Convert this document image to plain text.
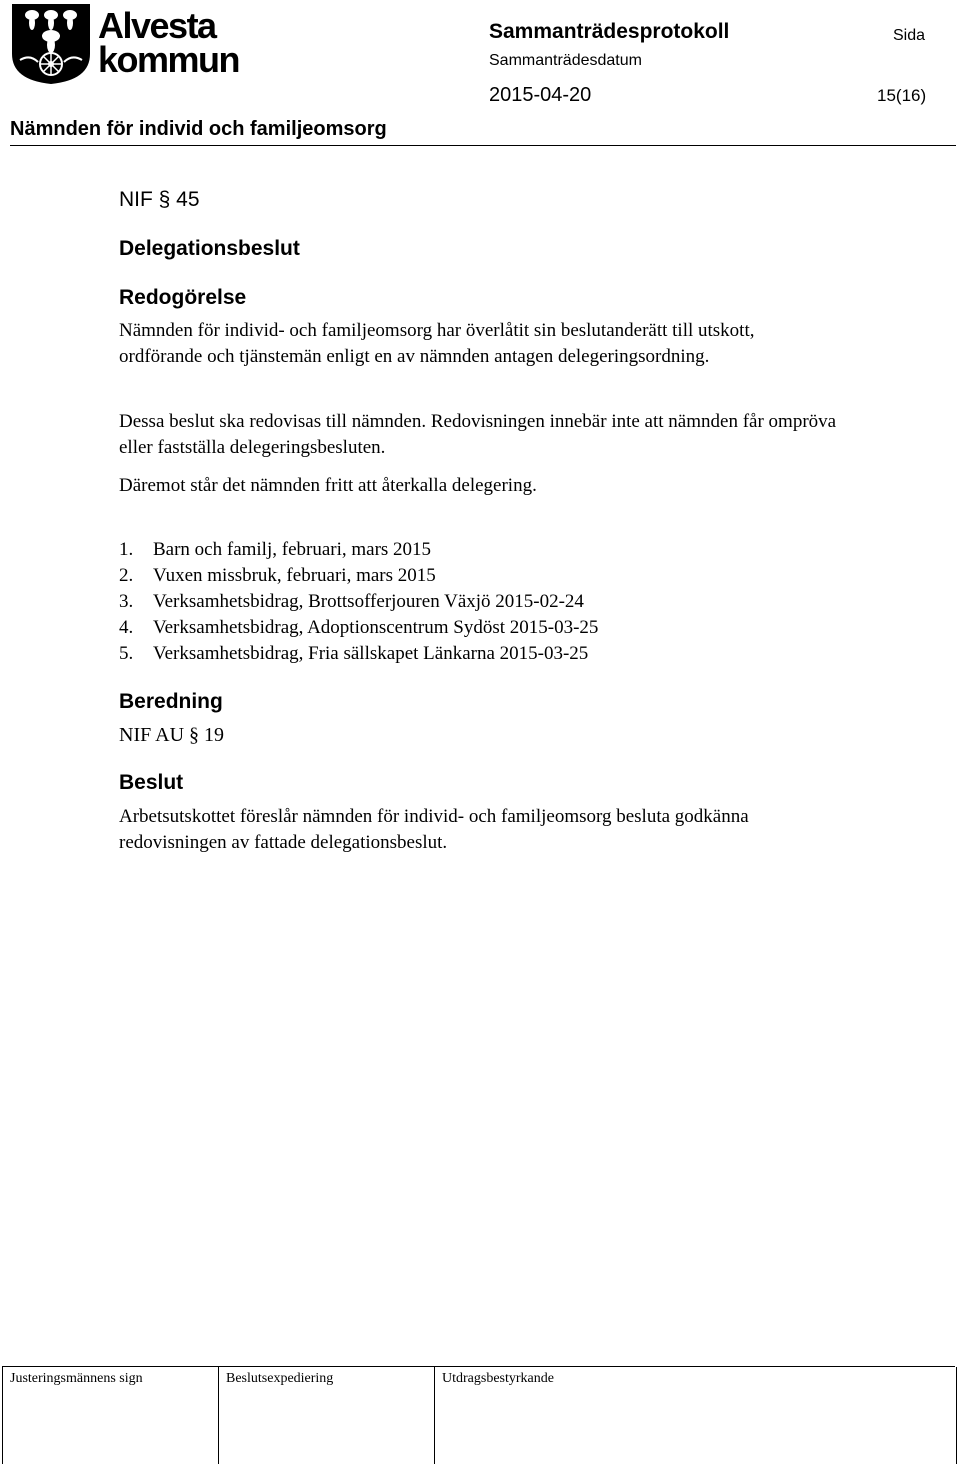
Alvesta
kommun
Sammanträdesprotokoll	Sida
Sammanträdesdatum
2015-04-20	15(16)
Nämnden för individ och familjeomsorg
NIF § 45
Delegationsbeslut
Redogörelse

Nämnden för individ- och familjeomsorg har överlåtit sin beslutanderätt till utskott, ordförande och tjänstemän enligt en av nämnden antagen delegeringsordning.

Dessa beslut ska redovisas till nämnden. Redovisningen innebär inte att nämnden får ompröva eller fastställa delegeringsbesluten.

Däremot står det nämnden fritt att återkalla delegering.

1. Barn och familj, februari, mars 2015
2. Vuxen missbruk, februari, mars 2015
3. Verksamhetsbidrag, Brottsofferjouren Växjö 2015-02-24
4. Verksamhetsbidrag, Adoptionscentrum Sydöst 2015-03-25
5. Verksamhetsbidrag, Fria sällskapet Länkarna 2015-03-25
Beredning
NIF AU § 19
Beslut

Arbetsutskottet föreslår nämnden för individ- och familjeomsorg besluta godkänna redovisningen av fattade delegationsbeslut.

Justeringsmännens sign	Beslutsexpediering	Utdragsbestyrkande
